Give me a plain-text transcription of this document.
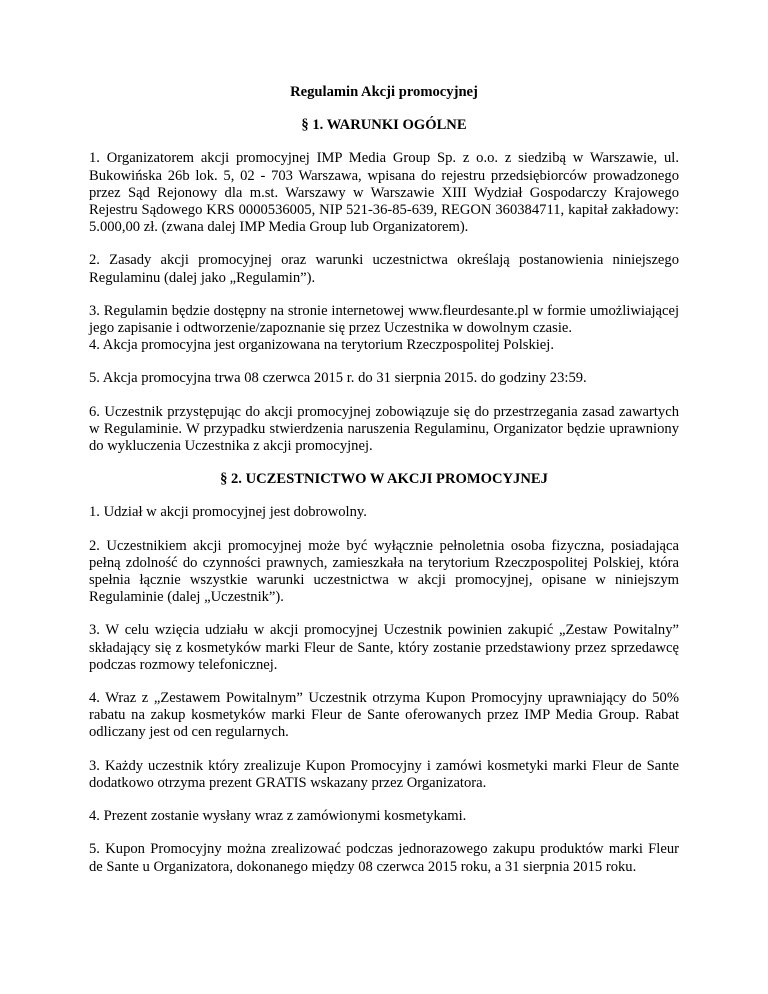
Regulamin Akcji promocyjnej
§ 1. WARUNKI OGÓLNE

1. Organizatorem akcji promocyjnej IMP Media Group Sp. z o.o. z siedzibą w Warszawie, ul. Bukowińska 26b lok. 5, 02 - 703 Warszawa, wpisana do rejestru przedsiębiorców prowadzonego przez Sąd Rejonowy dla m.st. Warszawy w Warszawie XIII Wydział Gospodarczy Krajowego Rejestru Sądowego KRS 0000536005, NIP 521-36-85-639, REGON 360384711, kapitał zakładowy: 5.000,00 zł. (zwana dalej IMP Media Group lub Organizatorem).

2. Zasady akcji promocyjnej oraz warunki uczestnictwa określają postanowienia niniejszego Regulaminu (dalej jako „Regulamin”).

3. Regulamin będzie dostępny na stronie internetowej www.fleurdesante.pl w formie umożliwiającej jego zapisanie i odtworzenie/zapoznanie się przez Uczestnika w dowolnym czasie.

4. Akcja promocyjna jest organizowana na terytorium Rzeczpospolitej Polskiej.

5. Akcja promocyjna trwa 08 czerwca 2015 r. do 31 sierpnia 2015. do godziny 23:59.

6. Uczestnik przystępując do akcji promocyjnej zobowiązuje się do przestrzegania zasad zawartych w Regulaminie. W przypadku stwierdzenia naruszenia Regulaminu, Organizator będzie uprawniony do wykluczenia Uczestnika z akcji promocyjnej.

§ 2. UCZESTNICTWO W AKCJI PROMOCYJNEJ

1. Udział w akcji promocyjnej jest dobrowolny.

2. Uczestnikiem akcji promocyjnej może być wyłącznie pełnoletnia osoba fizyczna, posiadająca pełną zdolność do czynności prawnych, zamieszkała na terytorium Rzeczpospolitej Polskiej, która spełnia łącznie wszystkie warunki uczestnictwa w akcji promocyjnej, opisane w niniejszym Regulaminie (dalej „Uczestnik”).

3. W celu wzięcia udziału w akcji promocyjnej Uczestnik powinien zakupić „Zestaw Powitalny” składający się z kosmetyków marki Fleur de Sante, który zostanie przedstawiony przez sprzedawcę podczas rozmowy telefonicznej.

4. Wraz z „Zestawem Powitalnym” Uczestnik otrzyma Kupon Promocyjny uprawniający do 50% rabatu na zakup kosmetyków marki Fleur de Sante oferowanych przez IMP Media Group. Rabat odliczany jest od cen regularnych.

3. Każdy uczestnik który zrealizuje Kupon Promocyjny i zamówi kosmetyki marki Fleur de Sante dodatkowo otrzyma prezent GRATIS wskazany przez Organizatora.

4. Prezent zostanie wysłany wraz z zamówionymi kosmetykami.

5. Kupon Promocyjny można zrealizować podczas jednorazowego zakupu produktów marki Fleur de Sante u Organizatora, dokonanego między 08 czerwca 2015 roku, a 31 sierpnia 2015 roku.
